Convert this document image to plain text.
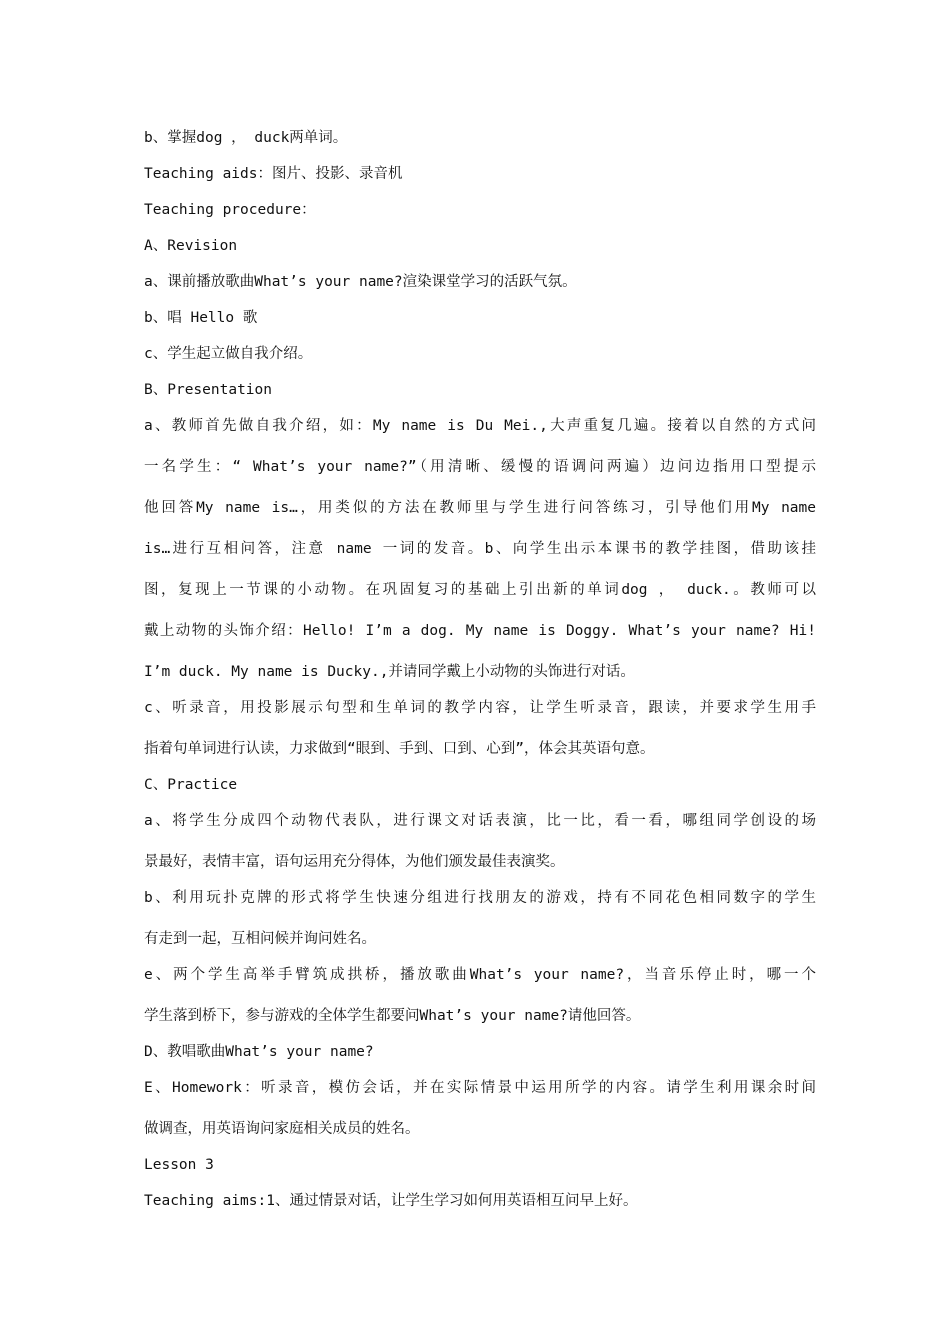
b、掌握dog ， duck两单词。
Teaching aids：图片、投影、录音机
Teaching procedure：
A、Revision
a、课前播放歌曲What’s your name?渲染课堂学习的活跃气氛。
b、唱 Hello 歌
c、学生起立做自我介绍。
B、Presentation
a、教师首先做自我介绍，如：My name is Du Mei.,大声重复几遍。接着以自然的方式问
一名学生：“ What’s your name?”（用清晰、缓慢的语调问两遍）边问边指用口型提示
他回答My name is…，用类似的方法在教师里与学生进行问答练习，引导他们用My name
is…进行互相问答，注意 name 一词的发音。b、向学生出示本课书的教学挂图，借助该挂
图，复现上一节课的小动物。在巩固复习的基础上引出新的单词dog ， duck.。教师可以
戴上动物的头饰介绍：Hello! I’m a dog. My name is Doggy. What’s your name? Hi!
I’m duck. My name is Ducky.,并请同学戴上小动物的头饰进行对话。
c、听录音，用投影展示句型和生单词的教学内容，让学生听录音，跟读，并要求学生用手
指着句单词进行认读，力求做到“眼到、手到、口到、心到”，体会其英语句意。
C、Practice
a、将学生分成四个动物代表队，进行课文对话表演，比一比，看一看，哪组同学创设的场
景最好，表情丰富，语句运用充分得体，为他们颁发最佳表演奖。
b、利用玩扑克牌的形式将学生快速分组进行找朋友的游戏，持有不同花色相同数字的学生
有走到一起，互相问候并询问姓名。
e、两个学生高举手臂筑成拱桥，播放歌曲What’s your name?，当音乐停止时，哪一个
学生落到桥下，参与游戏的全体学生都要问What’s your name?请他回答。
D、教唱歌曲What’s your name?
E、Homework：听录音，模仿会话，并在实际情景中运用所学的内容。请学生利用课余时间
做调查，用英语询问家庭相关成员的姓名。
Lesson 3
Teaching aims:1、通过情景对话，让学生学习如何用英语相互问早上好。
